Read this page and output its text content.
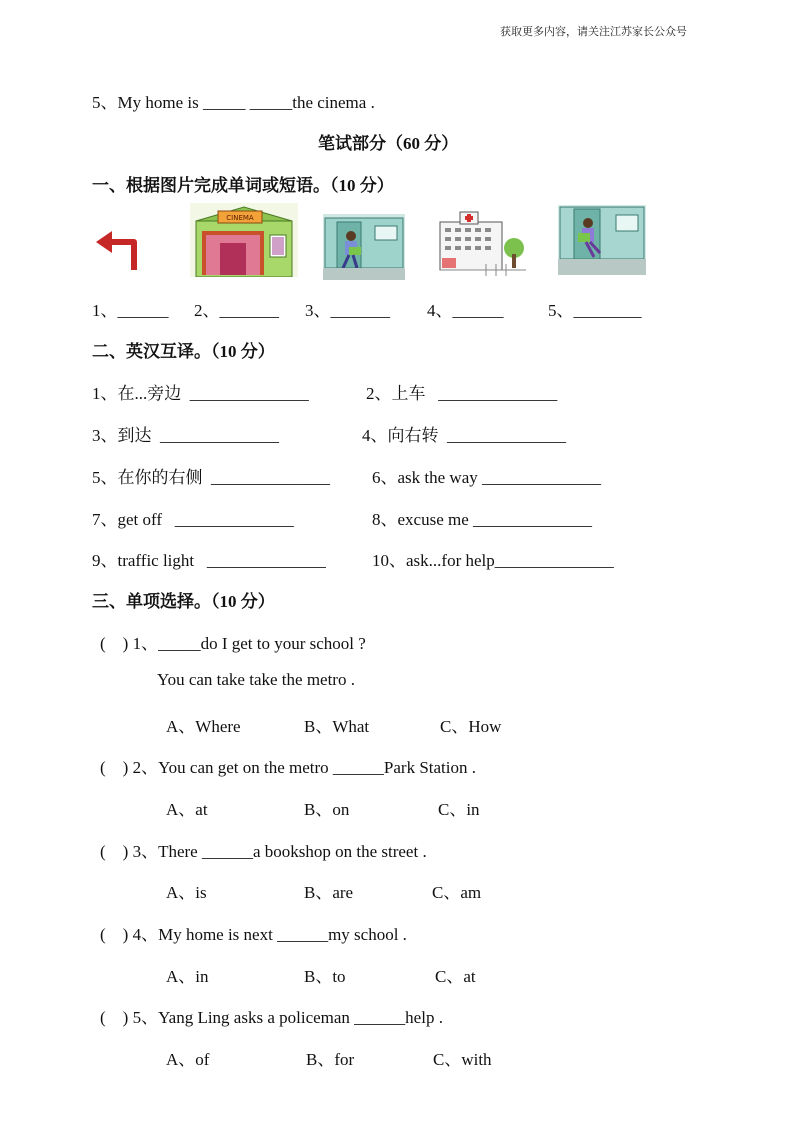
获取更多内容，请关注江苏家长公众号
5、My home is _____ _____the cinema .
笔试部分（60 分）
一、根据图片完成单词或短语。（10 分）
CINEMA
1、______ 2、_______ 3、_______ 4、______	5、________
二、英汉互译。（10 分）
1、在...旁边  ______________	2、上车   ______________
3、到达  ______________	4、向右转  ______________
5、在你的右侧  ______________ 6、ask the way ______________
7、get off   ______________	8、excuse me ______________
9、traffic light   ______________	10、ask...for help______________
三、单项选择。（10 分）
(    ) 1、_____do I get to your school ?
You can take take the metro .
A、Where	B、What	C、How
(    ) 2、You can get on the metro ______Park Station .
A、at	B、on	C、in
(    ) 3、There ______a bookshop on the street .
A、is	B、are	C、am
(    ) 4、My home is next ______my school .
A、in	B、to	C、at
(    ) 5、Yang Ling asks a policeman ______help .
A、of	B、for	C、with
